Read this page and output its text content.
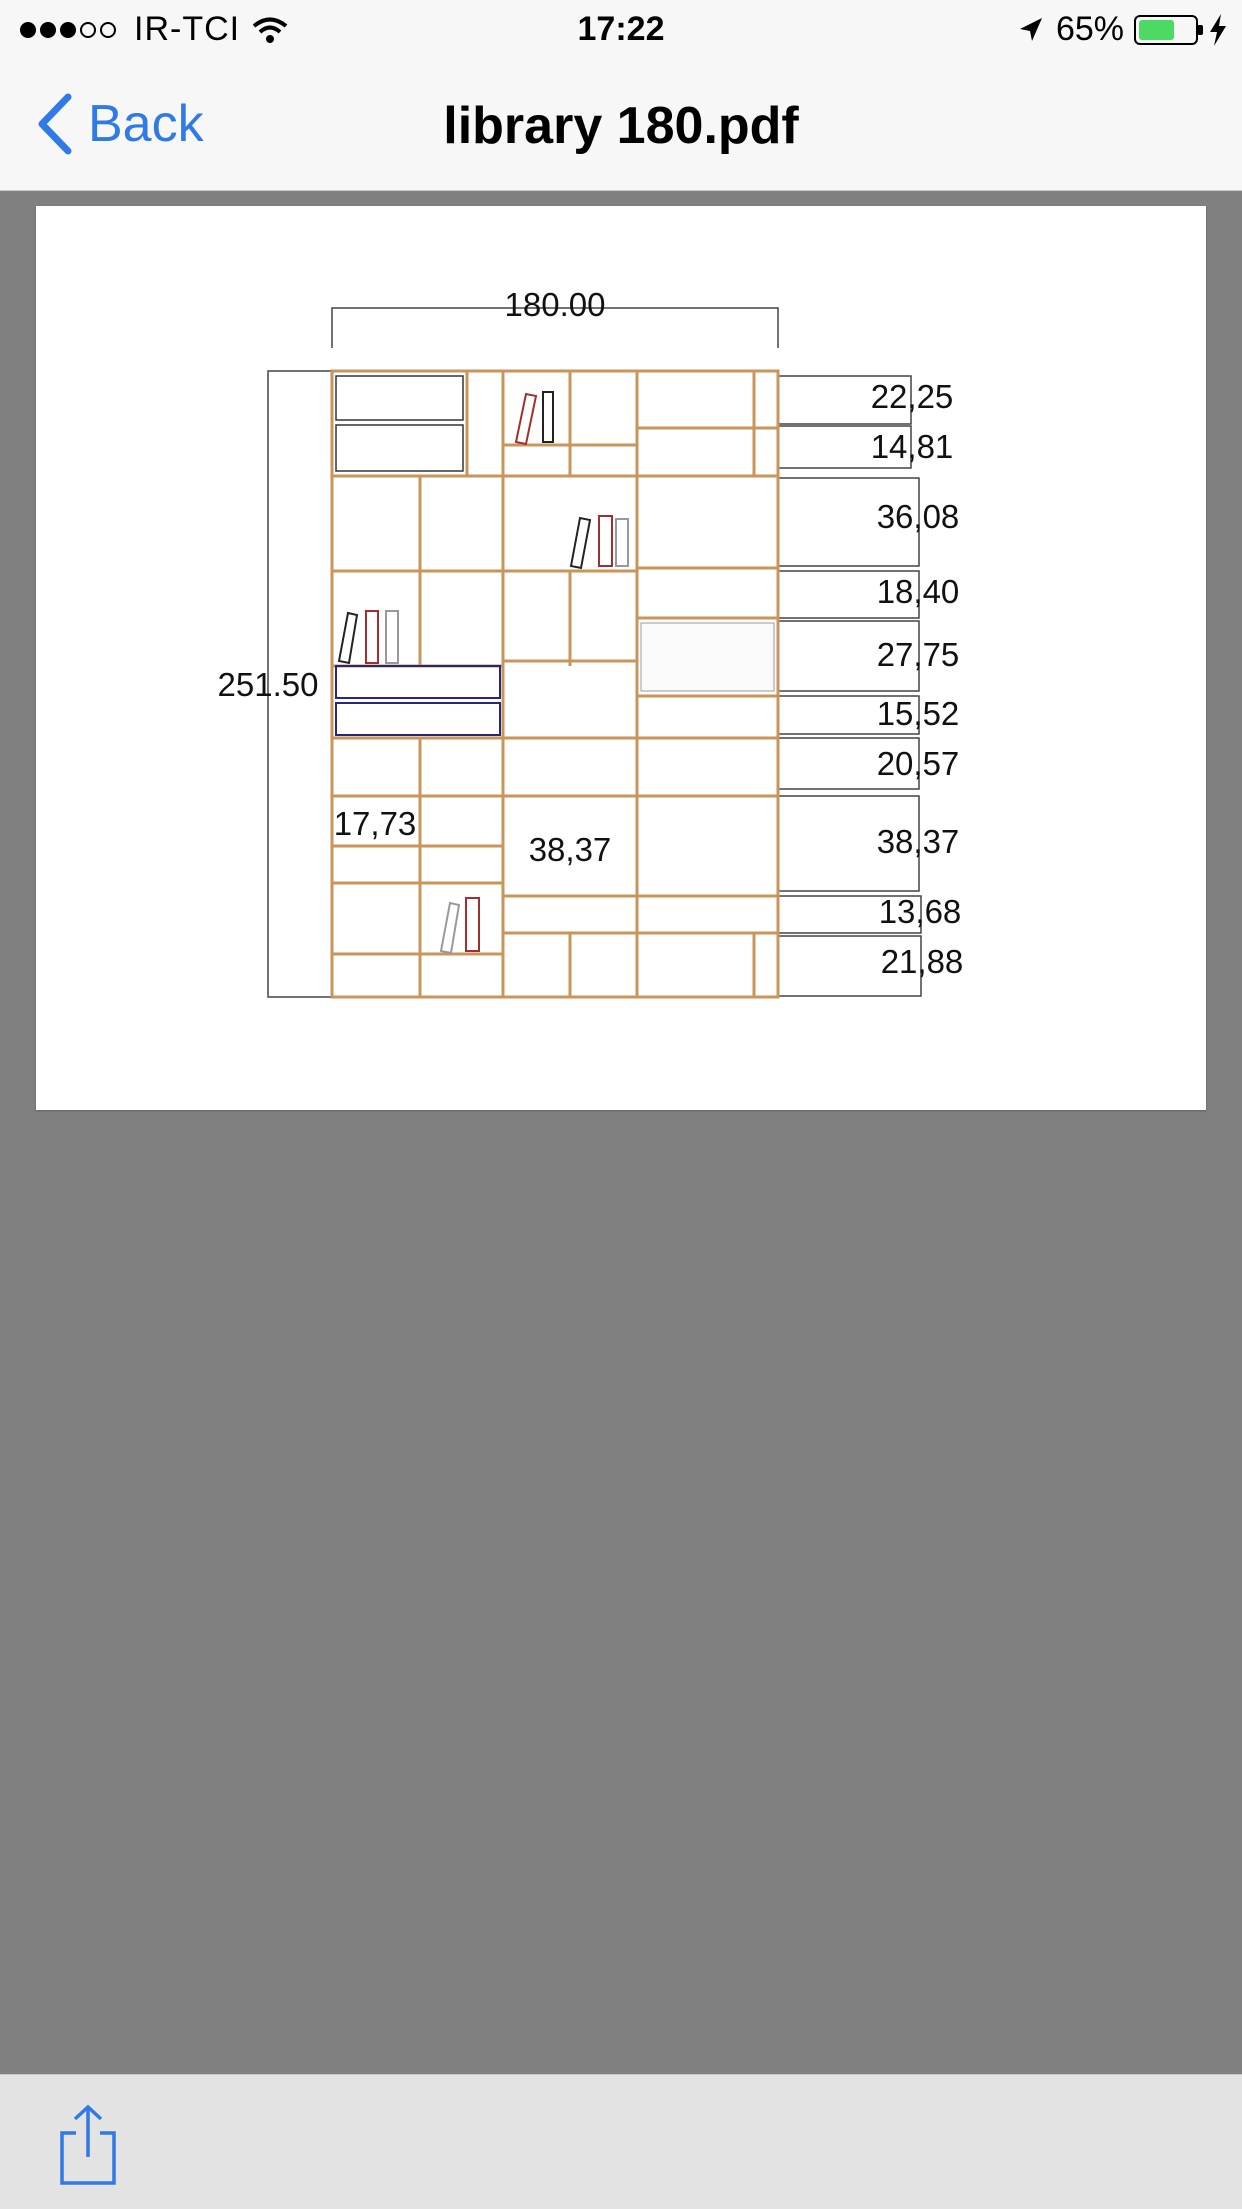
IR-TCI	17:22	65%
Back	library 180.pdf
180.00
251.50
22,25
14,81
36,08
18,40
27,75
15,52
20,57
38,37
13,68
21,88
17,73
38,37
